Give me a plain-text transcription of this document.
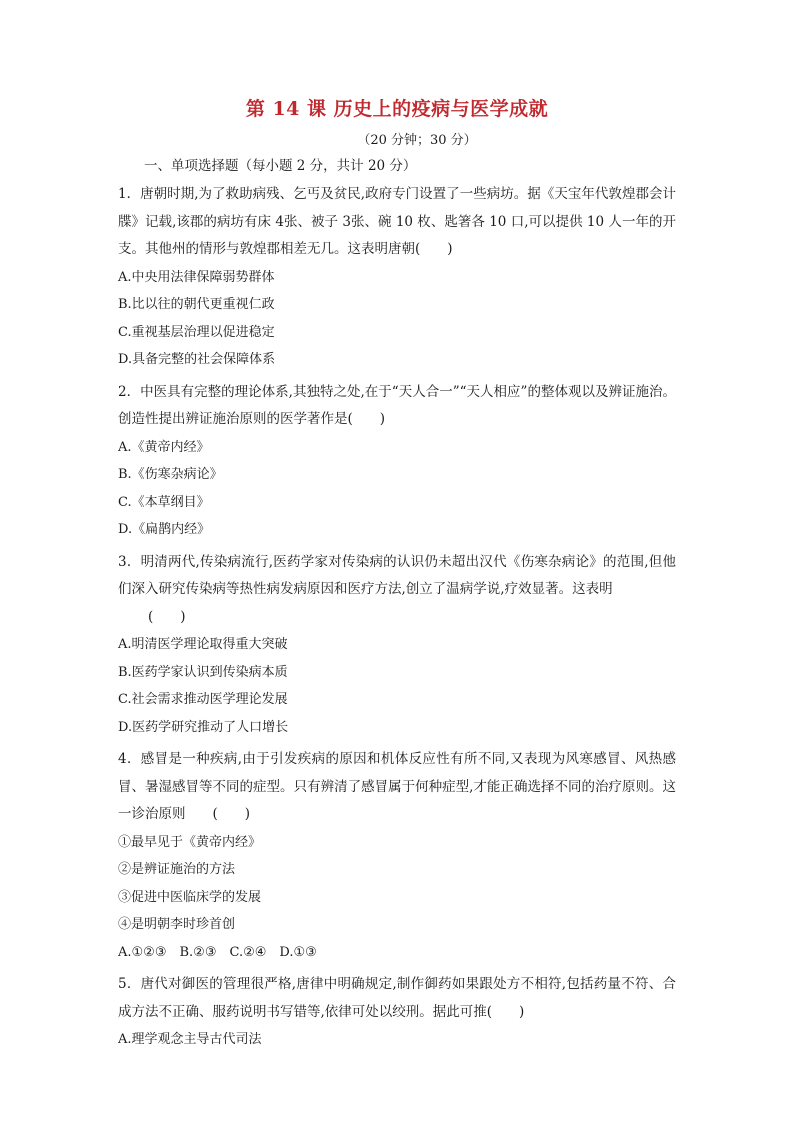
第 14 课 历史上的疫病与医学成就
（20 分钟；30 分）
一、单项选择题（每小题 2 分，共计 20 分）
1．唐朝时期,为了救助病残、乞丐及贫民,政府专门设置了一些病坊。据《天宝年代敦煌郡会计牒》记载,该郡的病坊有床 4张、被子 3张、碗 10 枚、匙箸各 10 口,可以提供 10 人一年的开支。其他州的情形与敦煌郡相差无几。这表明唐朝(　　)
A.中央用法律保障弱势群体
B.比以往的朝代更重视仁政
C.重视基层治理以促进稳定
D.具备完整的社会保障体系
2．中医具有完整的理论体系,其独特之处,在于“天人合一”“天人相应”的整体观以及辨证施治。创造性提出辨证施治原则的医学著作是(　　)
A.《黄帝内经》
B.《伤寒杂病论》
C.《本草纲目》
D.《扁鹊内经》
3．明清两代,传染病流行,医药学家对传染病的认识仍未超出汉代《伤寒杂病论》的范围,但他们深入研究传染病等热性病发病原因和医疗方法,创立了温病学说,疗效显著。这表明
(　　)
A.明清医学理论取得重大突破
B.医药学家认识到传染病本质
C.社会需求推动医学理论发展
D.医药学研究推动了人口增长
4．感冒是一种疾病,由于引发疾病的原因和机体反应性有所不同,又表现为风寒感冒、风热感冒、暑湿感冒等不同的症型。只有辨清了感冒属于何种症型,才能正确选择不同的治疗原则。这一诊治原则　　(　　)
①最早见于《黄帝内经》
②是辨证施治的方法
③促进中医临床学的发展
④是明朝李时珍首创
A.①②③　B.②③　C.②④　D.①③
5．唐代对御医的管理很严格,唐律中明确规定,制作御药如果跟处方不相符,包括药量不符、合成方法不正确、服药说明书写错等,依律可处以绞刑。据此可推(　　)
A.理学观念主导古代司法
